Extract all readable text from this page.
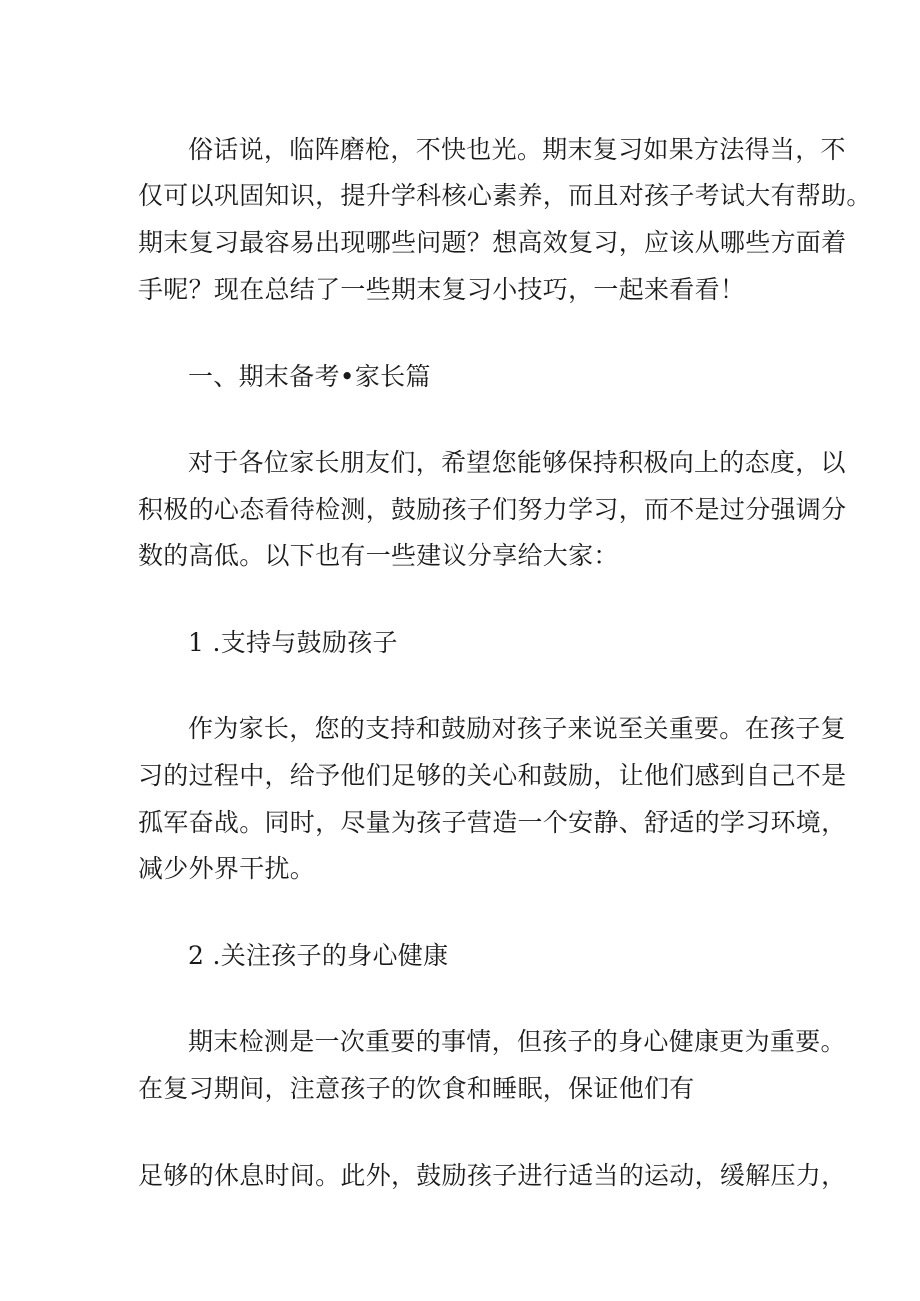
俗话说，临阵磨枪，不快也光。期末复习如果方法得当，不
仅可以巩固知识，提升学科核心素养，而且对孩子考试大有帮助。
期末复习最容易出现哪些问题？想高效复习，应该从哪些方面着
手呢？现在总结了一些期末复习小技巧，一起来看看！
一、期末备考•家长篇
对于各位家长朋友们，希望您能够保持积极向上的态度，以
积极的心态看待检测，鼓励孩子们努力学习，而不是过分强调分
数的高低。以下也有一些建议分享给大家：
1 .支持与鼓励孩子
作为家长，您的支持和鼓励对孩子来说至关重要。在孩子复
习的过程中，给予他们足够的关心和鼓励，让他们感到自己不是
孤军奋战。同时，尽量为孩子营造一个安静、舒适的学习环境，
减少外界干扰。
2 .关注孩子的身心健康
期末检测是一次重要的事情，但孩子的身心健康更为重要。
在复习期间，注意孩子的饮食和睡眠，保证他们有
足够的休息时间。此外，鼓励孩子进行适当的运动，缓解压力，
